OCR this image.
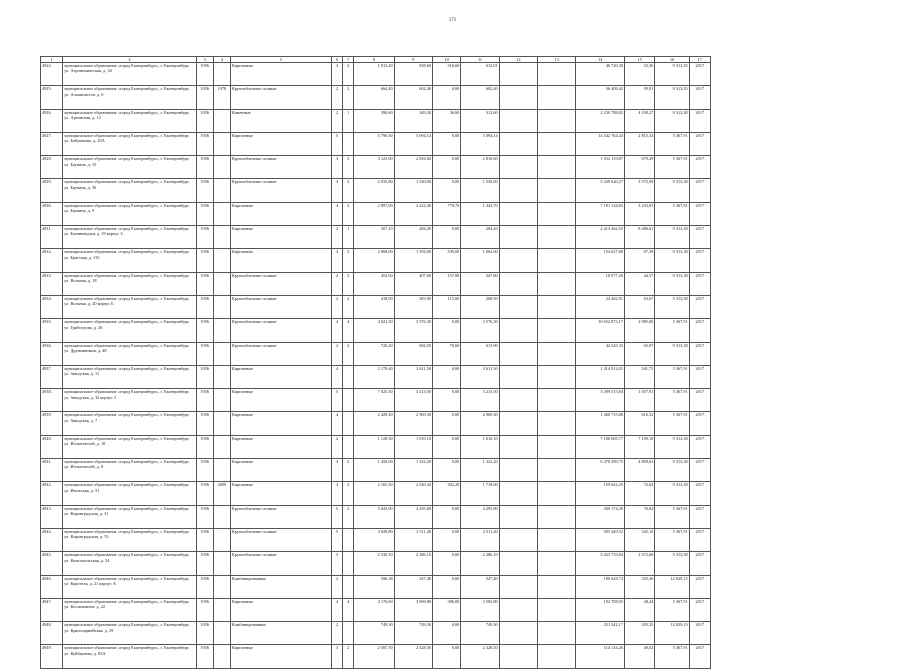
171
1	2	3	4	5	6	7	8	9	10	11	12	13	14	15	16	17
4924.	муниципальное образование «город Екатеринбург», г. Екатеринбург, ул. Агрономическая, д. 34	1956		Кирпичные	3	2	1 013,20	928,60	316,60	612,01			46 720,30	52,36	9 313,35	2017
4925.	муниципальное образование «город Екатеринбург», г. Екатеринбург, ул. Альпинистов, д. 6	1956	1978	Крупноблочные силикат	2	2	664,40	602,40	0,00	602,40			36 409,42	59,81	9 313,35	2017
4926.	муниципальное образование «город Екатеринбург», г. Екатеринбург, ул. Артинская, д. 12	1956		Каменные	2	1	390,60	349,20	36,60	312,60			2 250 788,82	4 198,27	9 313,38	2017
4927.	муниципальное образование «город Екатеринбург», г. Екатеринбург, ул. Бабушкина, д. 20А	1956		Кирпичные	5		5 790,30	5 094,14	0,00	5 094,14			14 342 764,43	2 815,34	5 367,91	2017
4928.	муниципальное образование «город Екатеринбург», г. Екатеринбург, ул. Баумана, д. 15	1956		Крупноблочные силикат	3	3	3 123,90	2 816,60	0,00	2 816,60			1 912 119,87	679,29	5 367,91	2017
4929.	муниципальное образование «город Екатеринбург», г. Екатеринбург, ул. Баумана, д. 36	1956		Крупноблочные силикат	3	3	2 035,80	1 530,00	0,00	1 530,00			5 439 620,27	3 572,09	9 313,38	2017
4930.	муниципальное образование «город Екатеринбург», г. Екатеринбург, ул. Баумана, д. 9	1956		Кирпичные	4	3	2 897,90	2 222,40	778,70	1 443,70			7 181 124,82	3 233,05	5 367,91	2017
4931.	муниципальное образование «город Екатеринбург», г. Екатеринбург, ул. Бахчиванджи, д. 19 корпус 3	1956		Кирпичные	2	1	307,10	284,20	0,00	284,20			2 413 462,55	8 486,61	9 313,38	2017
4932.	муниципальное образование «город Екатеринбург», г. Екатеринбург, ул. Братская, д. 135	1956		Кирпичные	3	2	2 068,00	1 594,00	539,00	1 062,00			154 627,80	97,39	9 313,38	2017
4933.	муниципальное образование «город Екатеринбург», г. Екатеринбург, ул. Вольная, д. 18	1956		Крупноблочные силикат	2	2	452,60	407,60	157,80	247,80			18 977,20	44,57	9 313,38	2017
4934.	муниципальное образование «город Екатеринбург», г. Екатеринбург, ул. Вольная, д. 20 корпус Б	1956		Крупноблочные силикат	2	2	418,90	383,90	115,00	268,50			24 462,91	63,67	9 313,38	2017
4935.	муниципальное образование «город Екатеринбург», г. Екатеринбург, ул. Грибоедова, д. 26	1956		Крупноблочные силикат	4	4	4 021,50	3 576,30	0,00	3 576,30			10 652 873,17	2 985,00	5 367,91	2017
4936.	муниципальное образование «город Екатеринбург», г. Екатеринбург, ул. Дружинников, д. 48	1956		Крупноблочные силикат	2	2	720,20	684,50	70,60	613,90			44 545,33	65,07	9 313,38	2017
4937.	муниципальное образование «город Екатеринбург», г. Екатеринбург, ул. Заводская, д. 11	1956		Кирпичные	4		2 170,40	2 611,50	0,00	2 611,50			1 414 812,01	541,75	5 367,91	2017
4938.	муниципальное образование «город Екатеринбург», г. Екатеринбург, ул. Заводская, д. 32 корпус 5	1956		Кирпичные	5		7 025,30	3 213,50	0,00	3 213,50			3 399 515,84	1 057,91	5 367,91	2017
4939.	муниципальное образование «город Екатеринбург», г. Екатеринбург, ул. Заводская, д. 7	1956		Кирпичные	4		2 429,40	2 969,30	0,00	2 969,30			1 460 715,88	616,52	5 367,91	2017
4940.	муниципальное образование «город Екатеринбург», г. Екатеринбург, ул. Испытателей, д. 10	1956		Кирпичные	2		1 128,30	1 010,10	0,00	1 010,10			7 180 605,77	7 109,10	9 313,38	2017
4941.	муниципальное образование «город Екатеринбург», г. Екатеринбург, ул. Испытателей, д. 8	1956		Кирпичные	3	2	1 450,00	1 322,20	0,00	1 322,20			6 478 399,75	4 899,63	9 313,38	2017
4942.	муниципальное образование «город Екатеринбург», г. Екатеринбург, ул. Июльская, д. 51	1956	2009	Кирпичные	3	3	2 165,50	2 020,30	302,20	1 718,00			159 642,29	72,63	9 313,38	2017
4943.	муниципальное образование «город Екатеринбург», г. Екатеринбург, ул. Кировградская, д. 31	1956		Крупноблочные силикат	5	2	5 843,90	4 295,80	0,00	4 295,80			300 174,39	70,84	5 367,91	2017
4944.	муниципальное образование «город Екатеринбург», г. Екатеринбург, ул. Кировградская, д. 53	1956		Крупноблочные силикат	5		3 049,80	2 511,40	0,00	2 511,40			905 449,52	345,10	5 367,91	2017
4945.	муниципальное образование «город Екатеринбург», г. Екатеринбург, ул. Комсомольская, д. 54	1956		Крупноблочные силикат	3		2 530,10	2 286,10	0,00	2 286,10			5 423 753,84	2 372,60	9 313,38	2017
4946.	муниципальное образование «город Екатеринбург», г. Екатеринбург, ул. Коротеля, д. 21 корпус А	1956		Комбинированные	2		596,38	547,40	0,00	547,40			180 628,74	335,36	12 829,13	2017
4947.	муниципальное образование «город Екатеринбург», г. Екатеринбург, ул. Космонавтов, д. 22	1956		Кирпичные	4	4	4 176,60	3 969,80	386,00	3 583,80			192 708,05	48,44	5 367,91	2017
4948.	муниципальное образование «город Екатеринбург», г. Екатеринбург, ул. Красноармейская, д. 29	1956		Комбинированные	2		749,30	749,30	0,00	749,30			251 342,17	335,35	12 829,13	2017
4949.	муниципальное образование «город Екатеринбург», г. Екатеринбург, ул. Куйбышева, д. 83А	1956		Кирпичные	3	2	2 587,50	2 328,50	0,00	2 328,50			114 134,26	49,02	5 367,91	2017
